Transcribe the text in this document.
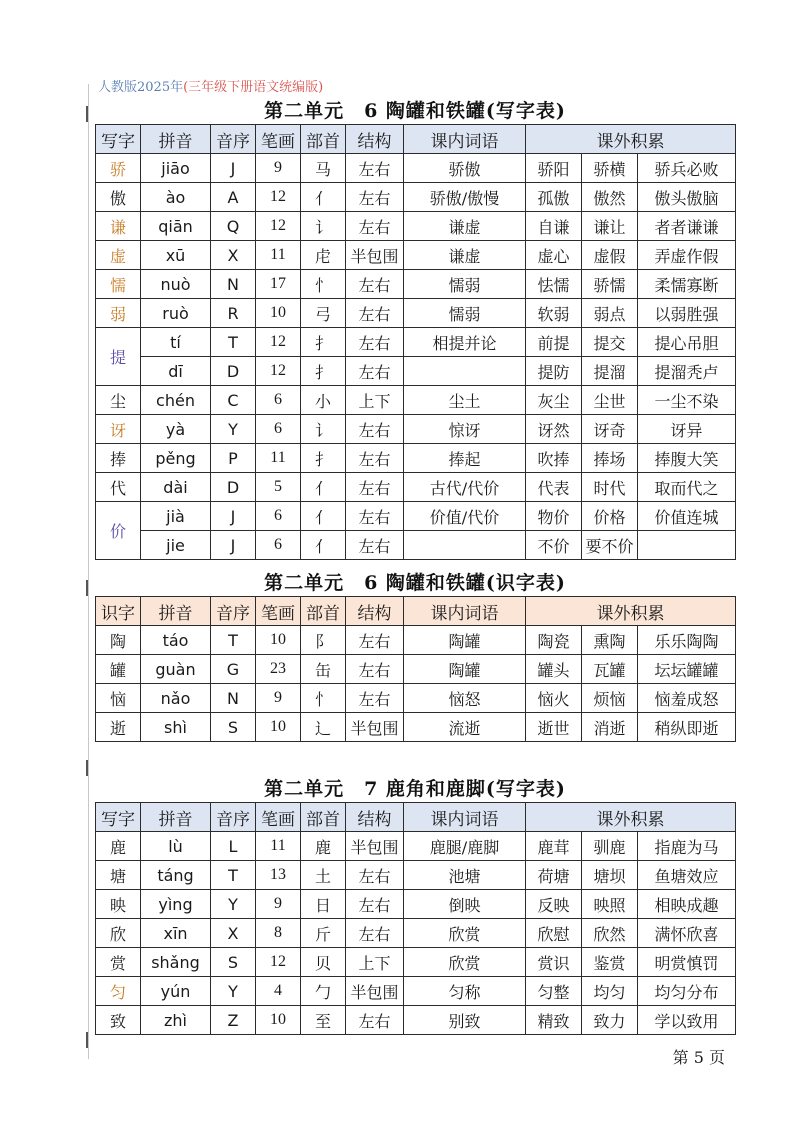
人教版2025年(三年级下册语文统编版)
第二单元　6 陶罐和铁罐(写字表)
写字	拼音	音序	笔画	部首	结构	课内词语	课外积累		
骄	jiāo	J	9	马	左右	骄傲	骄阳	骄横	骄兵必败
傲	ào	A	12	亻	左右	骄傲/傲慢	孤傲	傲然	傲头傲脑
谦	qiān	Q	12	讠	左右	谦虚	自谦	谦让	者者谦谦
虚	xū	X	11	虍	半包围	谦虚	虚心	虚假	弄虚作假
懦	nuò	N	17	忄	左右	懦弱	怯懦	骄懦	柔懦寡断
弱	ruò	R	10	弓	左右	懦弱	软弱	弱点	以弱胜强
提	tí	T	12	扌	左右	相提并论	前提	提交	提心吊胆
	dī	D	12	扌	左右		提防	提溜	提溜秃卢
尘	chén	C	6	小	上下	尘土	灰尘	尘世	一尘不染
讶	yà	Y	6	讠	左右	惊讶	讶然	讶奇	讶异
捧	pěng	P	11	扌	左右	捧起	吹捧	捧场	捧腹大笑
代	dài	D	5	亻	左右	古代/代价	代表	时代	取而代之
价	jià	J	6	亻	左右	价值/代价	物价	价格	价值连城
	jie	J	6	亻	左右		不价	要不价	
第二单元　6 陶罐和铁罐(识字表)
识字	拼音	音序	笔画	部首	结构	课内词语	课外积累		
陶	táo	T	10	阝	左右	陶罐	陶瓷	熏陶	乐乐陶陶
罐	guàn	G	23	缶	左右	陶罐	罐头	瓦罐	坛坛罐罐
恼	nǎo	N	9	忄	左右	恼怒	恼火	烦恼	恼羞成怒
逝	shì	S	10	辶	半包围	流逝	逝世	消逝	稍纵即逝
第二单元　7 鹿角和鹿脚(写字表)
写字	拼音	音序	笔画	部首	结构	课内词语	课外积累		
鹿	lù	L	11	鹿	半包围	鹿腿/鹿脚	鹿茸	驯鹿	指鹿为马
塘	táng	T	13	土	左右	池塘	荷塘	塘坝	鱼塘效应
映	yìng	Y	9	日	左右	倒映	反映	映照	相映成趣
欣	xīn	X	8	斤	左右	欣赏	欣慰	欣然	满怀欣喜
赏	shǎng	S	12	贝	上下	欣赏	赏识	鉴赏	明赏慎罚
匀	yún	Y	4	勹	半包围	匀称	匀整	均匀	均匀分布
致	zhì	Z	10	至	左右	别致	精致	致力	学以致用
第 5 页
